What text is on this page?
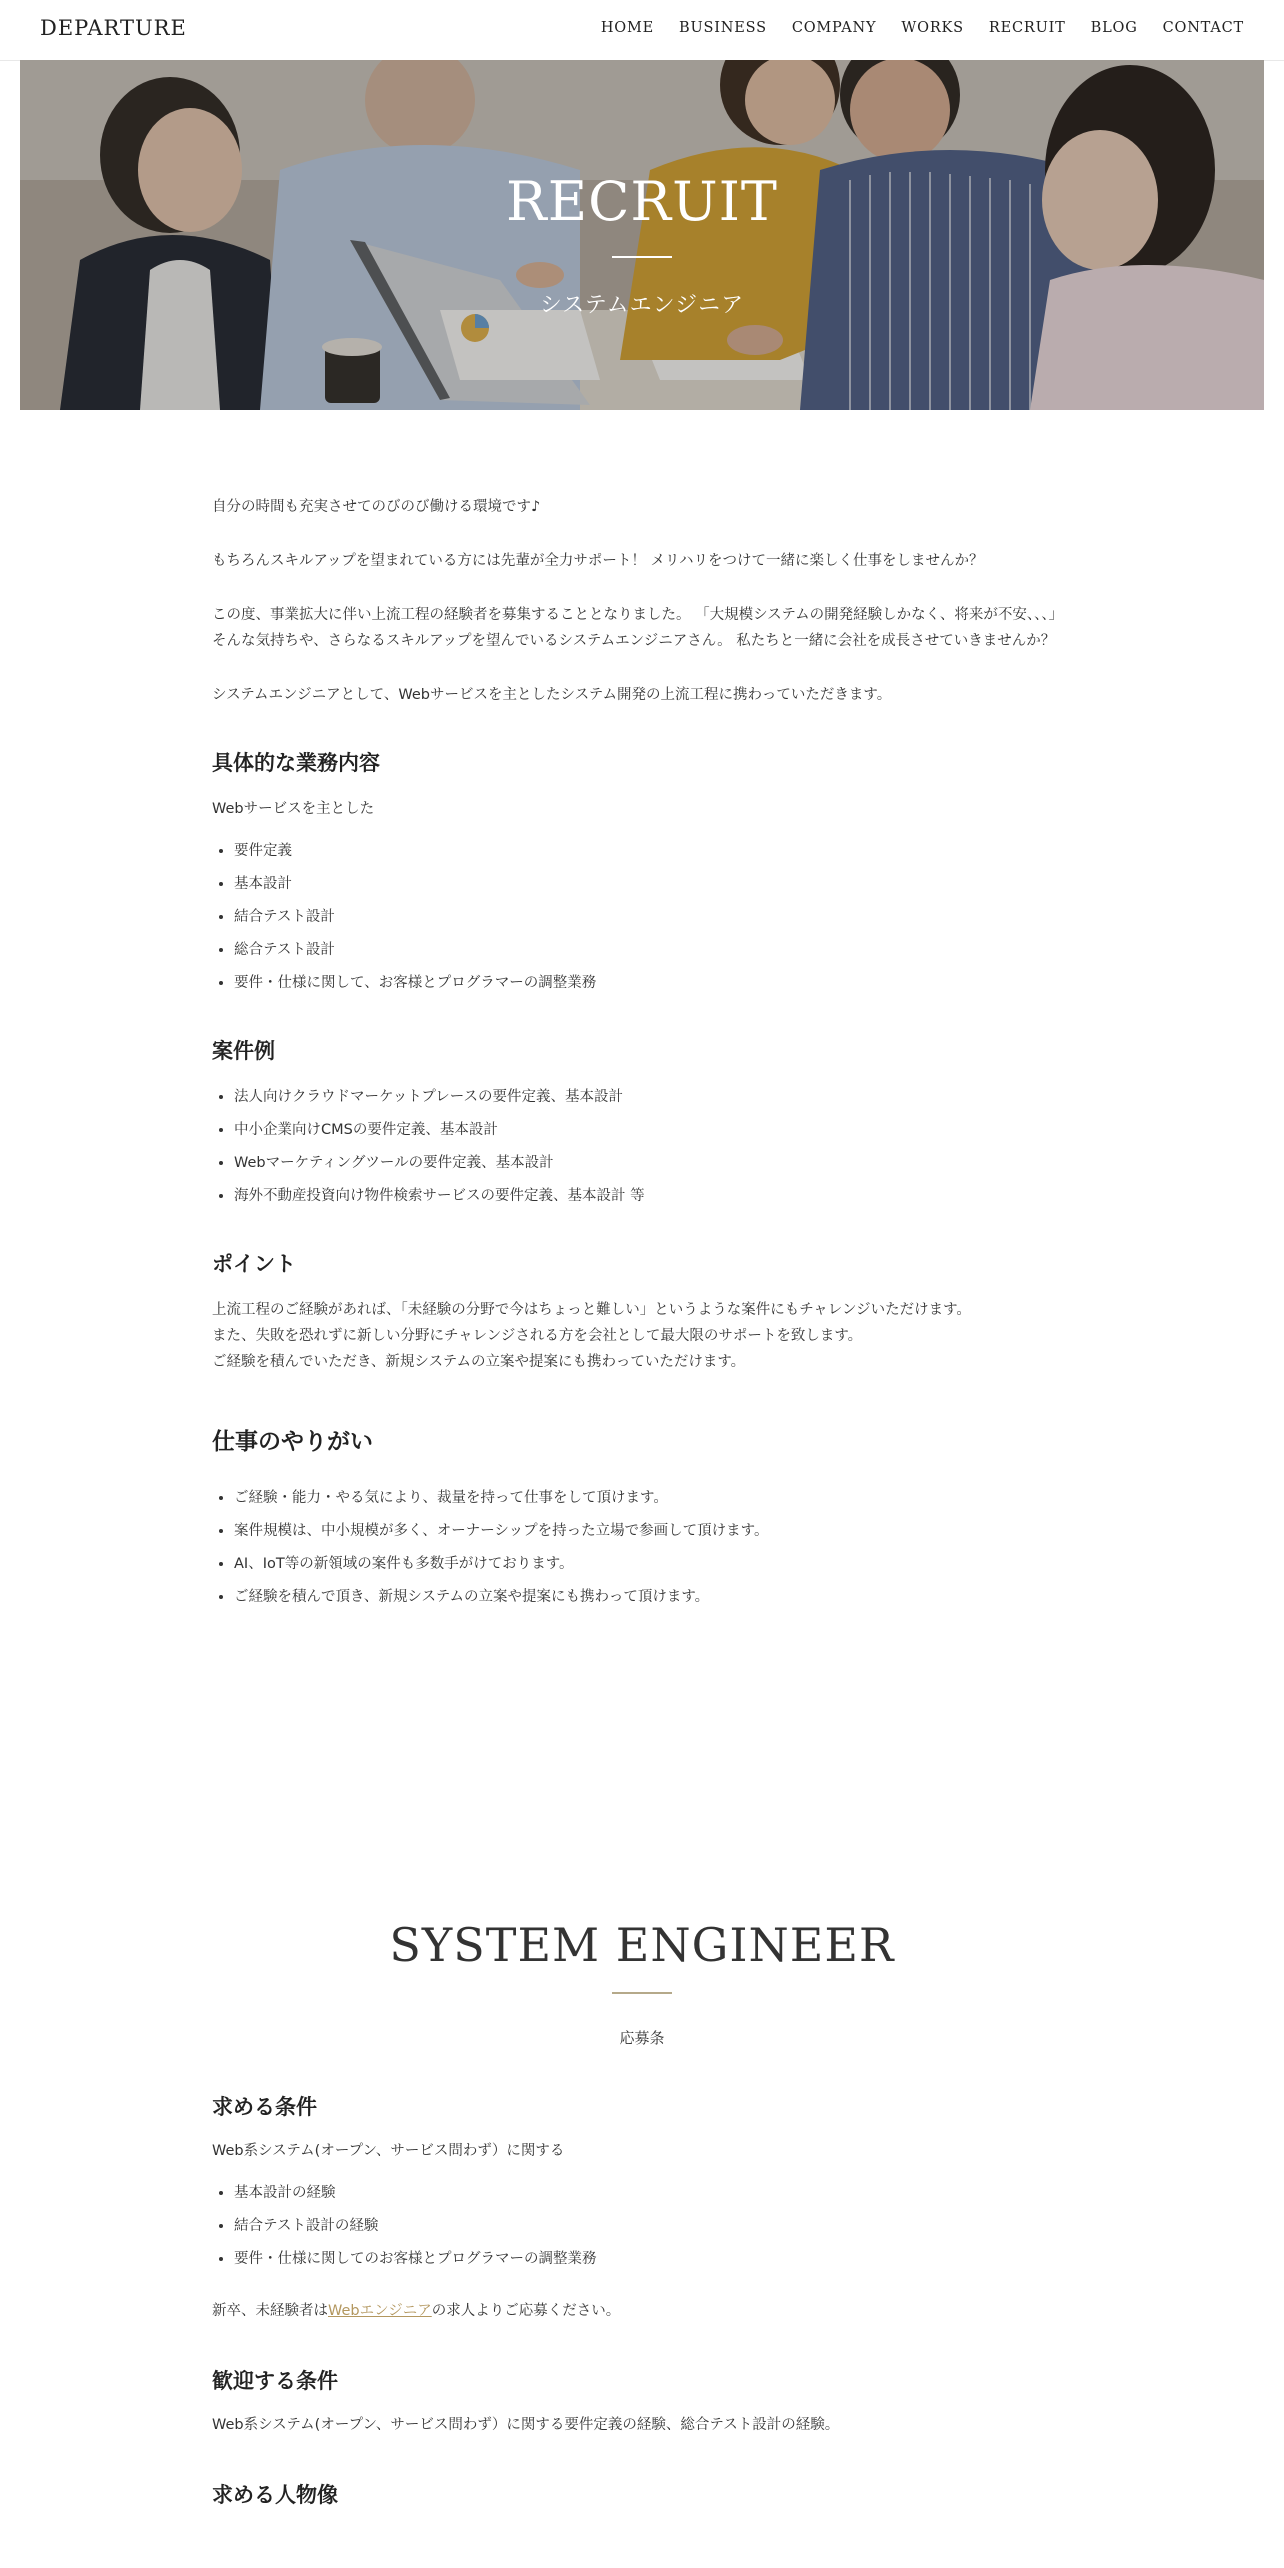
DEPARTURE	HOME BUSINESS COMPANY WORKS RECRUIT BLOG CONTACT
RECRUIT
システムエンジニア

自分の時間も充実させてのびのび働ける環境です♪

もちろんスキルアップを望まれている方には先輩が全力サポート！ メリハリをつけて一緒に楽しく仕事をしませんか？

この度、事業拡大に伴い上流工程の経験者を募集することとなりました。 「大規模システムの開発経験しかなく、将来が不安、、、」 そんな気持ちや、さらなるスキルアップを望んでいるシステムエンジニアさん。 私たちと一緒に会社を成長させていきませんか？

システムエンジニアとして、Webサービスを主としたシステム開発の上流工程に携わっていただきます。

具体的な業務内容

Webサービスを主とした

• 要件定義
• 基本設計
• 結合テスト設計
• 総合テスト設計
• 要件・仕様に関して、お客様とプログラマーの調整業務
案件例
• 法人向けクラウドマーケットプレースの要件定義、基本設計
• 中小企業向けCMSの要件定義、基本設計
• Webマーケティングツールの要件定義、基本設計
• 海外不動産投資向け物件検索サービスの要件定義、基本設計 等
ポイント
上流工程のご経験があれば、「未経験の分野で今はちょっと難しい」というような案件にもチャレンジいただけます。
また、失敗を恐れずに新しい分野にチャレンジされる方を会社として最大限のサポートを致します。
ご経験を積んでいただき、新規システムの立案や提案にも携わっていただけます。
仕事のやりがい
• ご経験・能力・やる気により、裁量を持って仕事をして頂けます。
• 案件規模は、中小規模が多く、オーナーシップを持った立場で参画して頂けます。
• AI、IoT等の新領域の案件も多数手がけております。
• ご経験を積んで頂き、新規システムの立案や提案にも携わって頂けます。
SYSTEM ENGINEER
応募条
求める条件

Web系システム(オープン、サービス問わず）に関する

• 基本設計の経験
• 結合テスト設計の経験
• 要件・仕様に関してのお客様とプログラマーの調整業務

新卒、未経験者はWebエンジニアの求人よりご応募ください。

歓迎する条件

Web系システム(オープン、サービス問わず）に関する要件定義の経験、総合テスト設計の経験。

求める人物像
